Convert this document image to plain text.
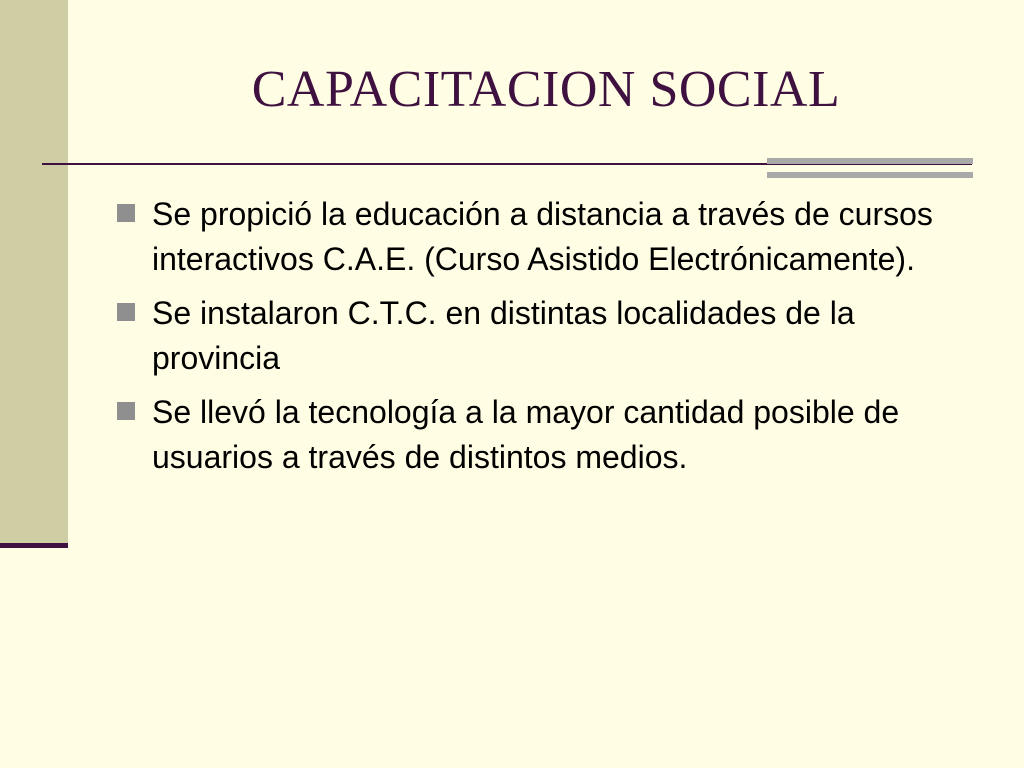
CAPACITACION SOCIAL
Se propició la educación a distancia a través de cursos interactivos C.A.E. (Curso Asistido Electrónicamente).
Se instalaron C.T.C. en distintas localidades de la provincia
Se llevó la tecnología a la mayor cantidad posible de usuarios a través de distintos medios.
